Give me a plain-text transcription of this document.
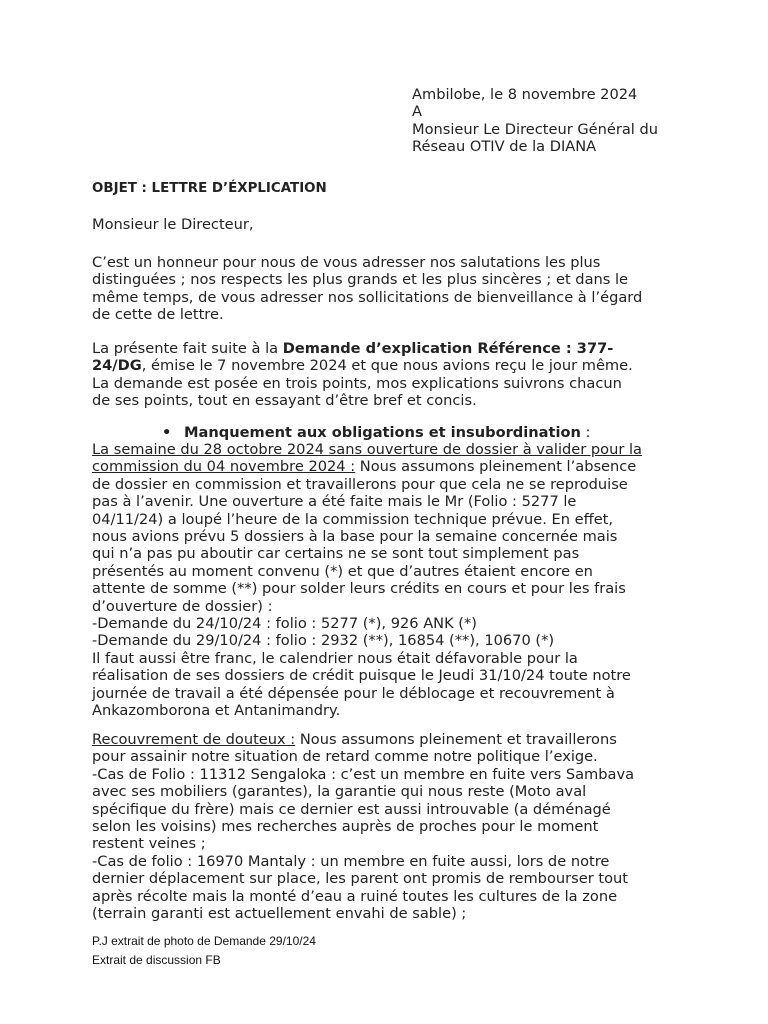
Ambilobe, le 8 novembre 2024
A
Monsieur Le Directeur Général du
Réseau OTIV de la DIANA
OBJET : LETTRE D’ÉXPLICATION
Monsieur le Directeur,
C’est un honneur pour nous de vous adresser nos salutations les plus
distinguées ; nos respects les plus grands et les plus sincères ; et dans le
même temps, de vous adresser nos sollicitations de bienveillance à l’égard
de cette de lettre.
La présente fait suite à la Demande d’explication Référence : 377-
24/DG, émise le 7 novembre 2024 et que nous avions reçu le jour même.
La demande est posée en trois points, mos explications suivrons chacun
de ses points, tout en essayant d’être bref et concis.
• Manquement aux obligations et insubordination :
La semaine du 28 octobre 2024 sans ouverture de dossier à valider pour la
commission du 04 novembre 2024 : Nous assumons pleinement l’absence
de dossier en commission et travaillerons pour que cela ne se reproduise
pas à l’avenir. Une ouverture a été faite mais le Mr (Folio : 5277 le
04/11/24) a loupé l’heure de la commission technique prévue. En effet,
nous avions prévu 5 dossiers à la base pour la semaine concernée mais
qui n’a pas pu aboutir car certains ne se sont tout simplement pas
présentés au moment convenu (*) et que d’autres étaient encore en
attente de somme (**) pour solder leurs crédits en cours et pour les frais
d’ouverture de dossier) :
-Demande du 24/10/24 : folio : 5277 (*), 926 ANK (*)
-Demande du 29/10/24 : folio : 2932 (**), 16854 (**), 10670 (*)
Il faut aussi être franc, le calendrier nous était défavorable pour la
réalisation de ses dossiers de crédit puisque le Jeudi 31/10/24 toute notre
journée de travail a été dépensée pour le déblocage et recouvrement à
Ankazomborona et Antanimandry.
Recouvrement de douteux : Nous assumons pleinement et travaillerons
pour assainir notre situation de retard comme notre politique l’exige.
-Cas de Folio : 11312 Sengaloka : c’est un membre en fuite vers Sambava
avec ses mobiliers (garantes), la garantie qui nous reste (Moto aval
spécifique du frère) mais ce dernier est aussi introuvable (a déménagé
selon les voisins) mes recherches auprès de proches pour le moment
restent veines ;
-Cas de folio : 16970 Mantaly : un membre en fuite aussi, lors de notre
dernier déplacement sur place, les parent ont promis de rembourser tout
après récolte mais la monté d’eau a ruiné toutes les cultures de la zone
(terrain garanti est actuellement envahi de sable) ;
P.J extrait de photo de Demande 29/10/24
Extrait de discussion FB
